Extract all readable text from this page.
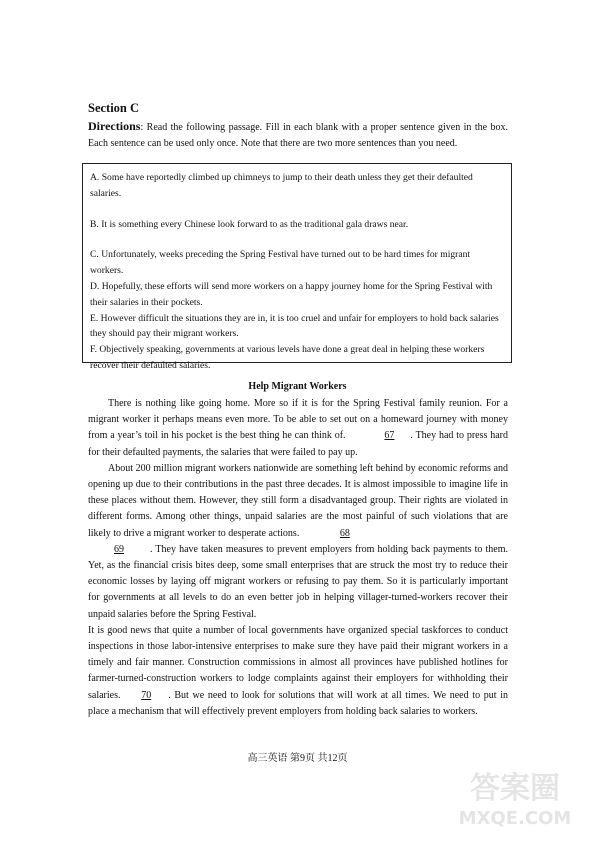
Section C
Directions: Read the following passage. Fill in each blank with a proper sentence given in the box. Each sentence can be used only once. Note that there are two more sentences than you need.
A. Some have reportedly climbed up chimneys to jump to their death unless they get their defaulted salaries.
B. It is something every Chinese look forward to as the traditional gala draws near.
C. Unfortunately, weeks preceding the Spring Festival have turned out to be hard times for migrant workers.
D. Hopefully, these efforts will send more workers on a happy journey home for the Spring Festival with their salaries in their pockets.
E. However difficult the situations they are in, it is too cruel and unfair for employers to hold back salaries they should pay their migrant workers.
F. Objectively speaking, governments at various levels have done a great deal in helping these workers recover their defaulted salaries.
Help Migrant Workers

There is nothing like going home. More so if it is for the Spring Festival family reunion. For a migrant worker it perhaps means even more. To be able to set out on a homeward journey with money from a year’s toil in his pocket is the best thing he can think of.	67 . They had to press hard for their defaulted payments, the salaries that were failed to pay up.

About 200 million migrant workers nationwide are something left behind by economic reforms and opening up due to their contributions in the past three decades. It is almost impossible to imagine life in these places without them. However, they still form a disadvantaged group. Their rights are violated in different forms. Among other things, unpaid salaries are the most painful of such violations that are likely to drive a migrant worker to desperate actions.	68

69	. They have taken measures to prevent employers from holding back payments to them. Yet, as the financial crisis bites deep, some small enterprises that are struck the most try to reduce their economic losses by laying off migrant workers or refusing to pay them. So it is particularly important for governments at all levels to do an even better job in helping villager-turned-workers recover their unpaid salaries before the Spring Festival.

It is good news that quite a number of local governments have organized special taskforces to conduct inspections in those labor-intensive enterprises to make sure they have paid their migrant workers in a timely and fair manner. Construction commissions in almost all provinces have published hotlines for farmer-turned-construction workers to lodge complaints against their employers for withholding their salaries. 70 . But we need to look for solutions that will work at all times. We need to put in place a mechanism that will effectively prevent employers from holding back salaries to workers.

高三英语 第9页 共12页
答案圈
MXQE.COM
